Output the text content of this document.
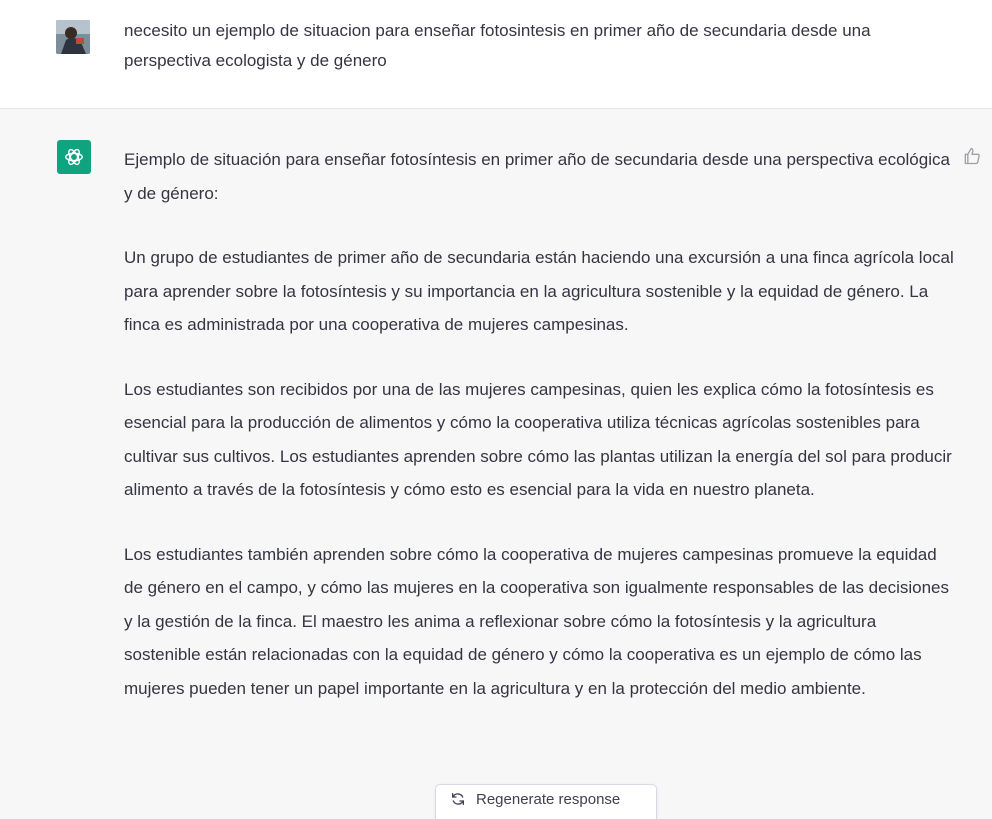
necesito un ejemplo de situacion para enseñar fotosintesis en primer año de secundaria desde una perspectiva ecologista y de género

Ejemplo de situación para enseñar fotosíntesis en primer año de secundaria desde una perspectiva ecológica y de género:

Un grupo de estudiantes de primer año de secundaria están haciendo una excursión a una finca agrícola local para aprender sobre la fotosíntesis y su importancia en la agricultura sostenible y la equidad de género. La finca es administrada por una cooperativa de mujeres campesinas.

Los estudiantes son recibidos por una de las mujeres campesinas, quien les explica cómo la fotosíntesis es esencial para la producción de alimentos y cómo la cooperativa utiliza técnicas agrícolas sostenibles para cultivar sus cultivos. Los estudiantes aprenden sobre cómo las plantas utilizan la energía del sol para producir alimento a través de la fotosíntesis y cómo esto es esencial para la vida en nuestro planeta.

Los estudiantes también aprenden sobre cómo la cooperativa de mujeres campesinas promueve la equidad de género en el campo, y cómo las mujeres en la cooperativa son igualmente responsables de las decisiones y la gestión de la finca. El maestro les anima a reflexionar sobre cómo la fotosíntesis y la agricultura sostenible están relacionadas con la equidad de género y cómo la cooperativa es un ejemplo de cómo las mujeres pueden tener un papel importante en la agricultura y en la protección del medio ambiente.

Regenerate response
